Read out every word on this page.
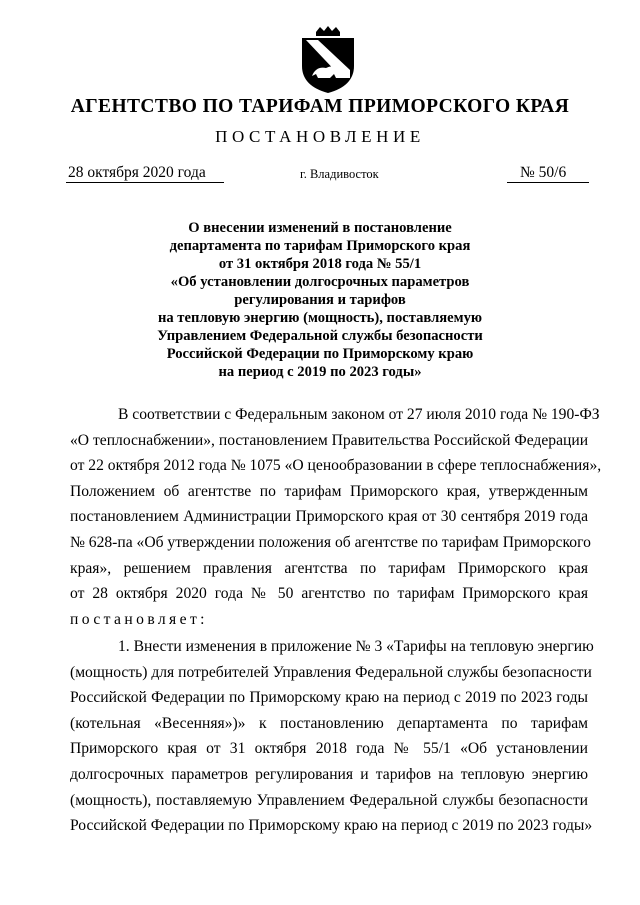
АГЕНТСТВО ПО ТАРИФАМ ПРИМОРСКОГО КРАЯ
ПОСТАНОВЛЕНИЕ
28 октября 2020 года	г. Владивосток	№ 50/6
О внесении изменений в постановление
департамента по тарифам Приморского края
от 31 октября 2018 года № 55/1
«Об установлении долгосрочных параметров
регулирования и тарифов
на тепловую энергию (мощность), поставляемую
Управлением Федеральной службы безопасности
Российской Федерации по Приморскому краю
на период с 2019 по 2023 годы»
В соответствии с Федеральным законом от 27 июля 2010 года № 190-ФЗ
«О теплоснабжении», постановлением Правительства Российской Федерации
от 22 октября 2012 года № 1075 «О ценообразовании в сфере теплоснабжения»,
Положением об агентстве по тарифам Приморского края, утвержденным
постановлением Администрации Приморского края от 30 сентября 2019 года
№ 628-па «Об утверждении положения об агентстве по тарифам Приморского
края», решением правления агентства по тарифам Приморского края
от 28 октября 2020 года № 50 агентство по тарифам Приморского края
постановляет:
1. Внести изменения в приложение № 3 «Тарифы на тепловую энергию
(мощность) для потребителей Управления Федеральной службы безопасности
Российской Федерации по Приморскому краю на период с 2019 по 2023 годы
(котельная «Весенняя»)» к постановлению департамента по тарифам
Приморского края от 31 октября 2018 года № 55/1 «Об установлении
долгосрочных параметров регулирования и тарифов на тепловую энергию
(мощность), поставляемую Управлением Федеральной службы безопасности
Российской Федерации по Приморскому краю на период с 2019 по 2023 годы»
